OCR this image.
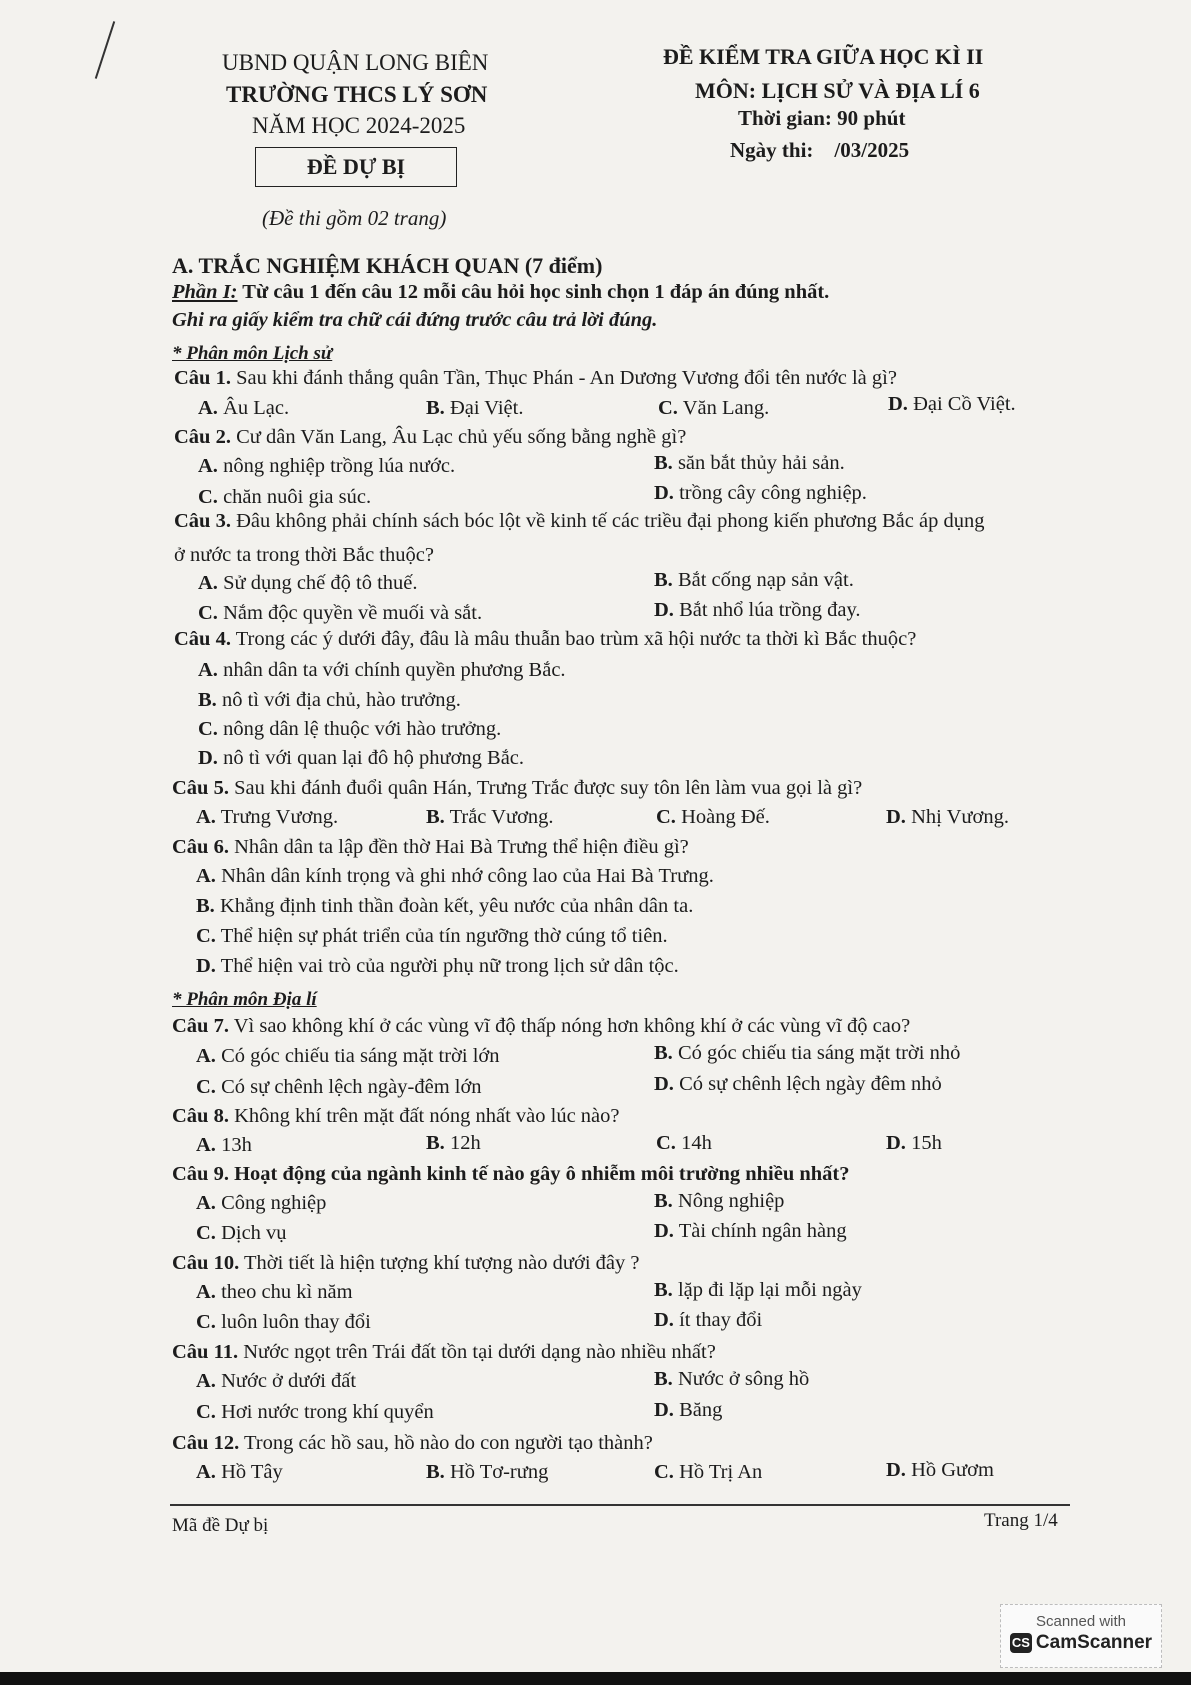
UBND QUẬN LONG BIÊN
TRƯỜNG THCS LÝ SƠN
NĂM HỌC 2024-2025
ĐỀ DỰ BỊ
(Đề thi gồm 02 trang)
ĐỀ KIỂM TRA GIỮA HỌC KÌ II
MÔN: LỊCH SỬ VÀ ĐỊA LÍ 6
Thời gian: 90 phút
Ngày thi:    /03/2025
A. TRẮC NGHIỆM KHÁCH QUAN (7 điểm)
Phần I: Từ câu 1 đến câu 12 mỗi câu hỏi học sinh chọn 1 đáp án đúng nhất.
Ghi ra giấy kiểm tra chữ cái đứng trước câu trả lời đúng.
* Phân môn Lịch sử
Câu 1. Sau khi đánh thắng quân Tần, Thục Phán - An Dương Vương đổi tên nước là gì?
A. Âu Lạc.	B. Đại Việt.	C. Văn Lang.	D. Đại Cồ Việt.
Câu 2. Cư dân Văn Lang, Âu Lạc chủ yếu sống bằng nghề gì?
A. nông nghiệp trồng lúa nước.	B. săn bắt thủy hải sản.
C. chăn nuôi gia súc.	D. trồng cây công nghiệp.
Câu 3. Đâu không phải chính sách bóc lột về kinh tế các triều đại phong kiến phương Bắc áp dụng
ở nước ta trong thời Bắc thuộc?
A. Sử dụng chế độ tô thuế.	B. Bắt cống nạp sản vật.
C. Nắm độc quyền về muối và sắt.	D. Bắt nhổ lúa trồng đay.
Câu 4. Trong các ý dưới đây, đâu là mâu thuẫn bao trùm xã hội nước ta thời kì Bắc thuộc?
A. nhân dân ta với chính quyền phương Bắc.
B. nô tì với địa chủ, hào trưởng.
C. nông dân lệ thuộc với hào trưởng.
D. nô tì với quan lại đô hộ phương Bắc.
Câu 5. Sau khi đánh đuổi quân Hán, Trưng Trắc được suy tôn lên làm vua gọi là gì?
A. Trưng Vương.	B. Trắc Vương.	C. Hoàng Đế.	D. Nhị Vương.
Câu 6. Nhân dân ta lập đền thờ Hai Bà Trưng thể hiện điều gì?
A. Nhân dân kính trọng và ghi nhớ công lao của Hai Bà Trưng.
B. Khẳng định tinh thần đoàn kết, yêu nước của nhân dân ta.
C. Thể hiện sự phát triển của tín ngưỡng thờ cúng tổ tiên.
D. Thể hiện vai trò của người phụ nữ trong lịch sử dân tộc.
* Phân môn Địa lí
Câu 7. Vì sao không khí ở các vùng vĩ độ thấp nóng hơn không khí ở các vùng vĩ độ cao?
A. Có góc chiếu tia sáng mặt trời lớn	B. Có góc chiếu tia sáng mặt trời nhỏ
C. Có sự chênh lệch ngày-đêm lớn	D. Có sự chênh lệch ngày đêm nhỏ
Câu 8. Không khí trên mặt đất nóng nhất vào lúc nào?
A. 13h	B. 12h	C. 14h	D. 15h
Câu 9. Hoạt động của ngành kinh tế nào gây ô nhiễm môi trường nhiều nhất?
A. Công nghiệp	B. Nông nghiệp
C. Dịch vụ	D. Tài chính ngân hàng
Câu 10. Thời tiết là hiện tượng khí tượng nào dưới đây ?
A. theo chu kì năm	B. lặp đi lặp lại mỗi ngày
C. luôn luôn thay đổi	D. ít thay đổi
Câu 11. Nước ngọt trên Trái đất tồn tại dưới dạng nào nhiều nhất?
A. Nước ở dưới đất	B. Nước ở sông hồ
C. Hơi nước trong khí quyển	D. Băng
Câu 12. Trong các hồ sau, hồ nào do con người tạo thành?
A. Hồ Tây	B. Hồ Tơ-rưng	C. Hồ Trị An	D. Hồ Gươm
Mã đề Dự bị	Trang 1/4
Scanned with
CS CamScanner
